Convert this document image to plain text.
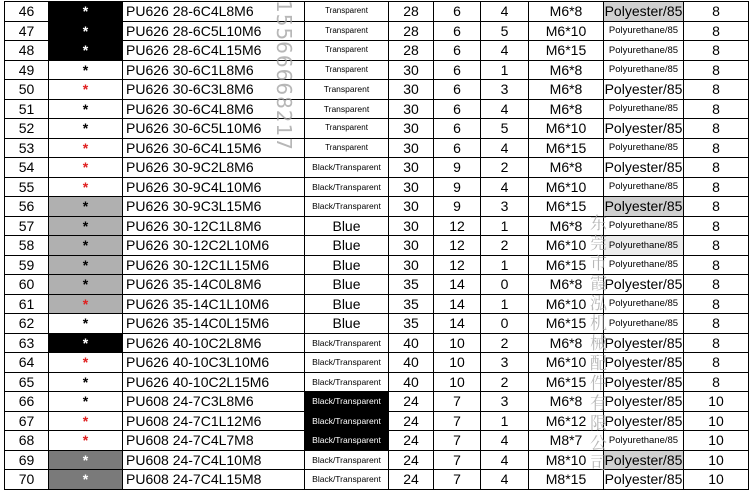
46	*	PU626 28-6C4L8M6	Transparent	28	6	4	M6*8	Polyester/85	8
47	*	PU626 28-6C5L10M6	Transparent	28	6	5	M6*10	Polyurethane/85	8
48	*	PU626 28-6C4L15M6	Transparent	28	6	4	M6*15	Polyurethane/85	8
49	*	PU626 30-6C1L8M6	Transparent	30	6	1	M6*8	Polyurethane/85	8
50	*	PU626 30-6C3L8M6	Transparent	30	6	3	M6*8	Polyester/85	8
51	*	PU626 30-6C4L8M6	Transparent	30	6	4	M6*8	Polyurethane/85	8
52	*	PU626 30-6C5L10M6	Transparent	30	6	5	M6*10	Polyester/85	8
53	*	PU626 30-6C4L15M6	Transparent	30	6	4	M6*15	Polyurethane/85	8
54	*	PU626 30-9C2L8M6	Black/Transparent	30	9	2	M6*8	Polyester/85	8
55	*	PU626 30-9C4L10M6	Black/Transparent	30	9	4	M6*10	Polyurethane/85	8
56	*	PU626 30-9C3L15M6	Black/Transparent	30	9	3	M6*15	Polyester/85	8
57	*	PU626 30-12C1L8M6	Blue	30	12	1	M6*8	Polyurethane/85	8
58	*	PU626 30-12C2L10M6	Blue	30	12	2	M6*10	Polyurethane/85	8
59	*	PU626 30-12C1L15M6	Blue	30	12	1	M6*15	Polyurethane/85	8
60	*	PU626 35-14C0L8M6	Blue	35	14	0	M6*8	Polyester/85	8
61	*	PU626 35-14C1L10M6	Blue	35	14	1	M6*10	Polyurethane/85	8
62	*	PU626 35-14C0L15M6	Blue	35	14	0	M6*15	Polyurethane/85	8
63	*	PU626 40-10C2L8M6	Black/Transparent	40	10	2	M6*8	Polyester/85	8
64	*	PU626 40-10C3L10M6	Black/Transparent	40	10	3	M6*10	Polyester/85	8
65	*	PU626 40-10C2L15M6	Black/Transparent	40	10	2	M6*15	Polyester/85	8
66	*	PU608 24-7C3L8M6	Black/Transparent	24	7	3	M6*8	Polyester/85	10
67	*	PU608 24-7C1L12M6	Black/Transparent	24	7	1	M6*12	Polyester/85	10
68	*	PU608 24-7C4L7M8	Black/Transparent	24	7	4	M8*7	Polyurethane/85	10
69	*	PU608 24-7C4L10M8	Black/Transparent	24	7	4	M8*10	Polyester/85	10
70	*	PU608 24-7C4L15M8	Black/Transparent	24	7	4	M8*15	Polyester/85	10
15566668217
东莞市霞泓机械配件有限公司
